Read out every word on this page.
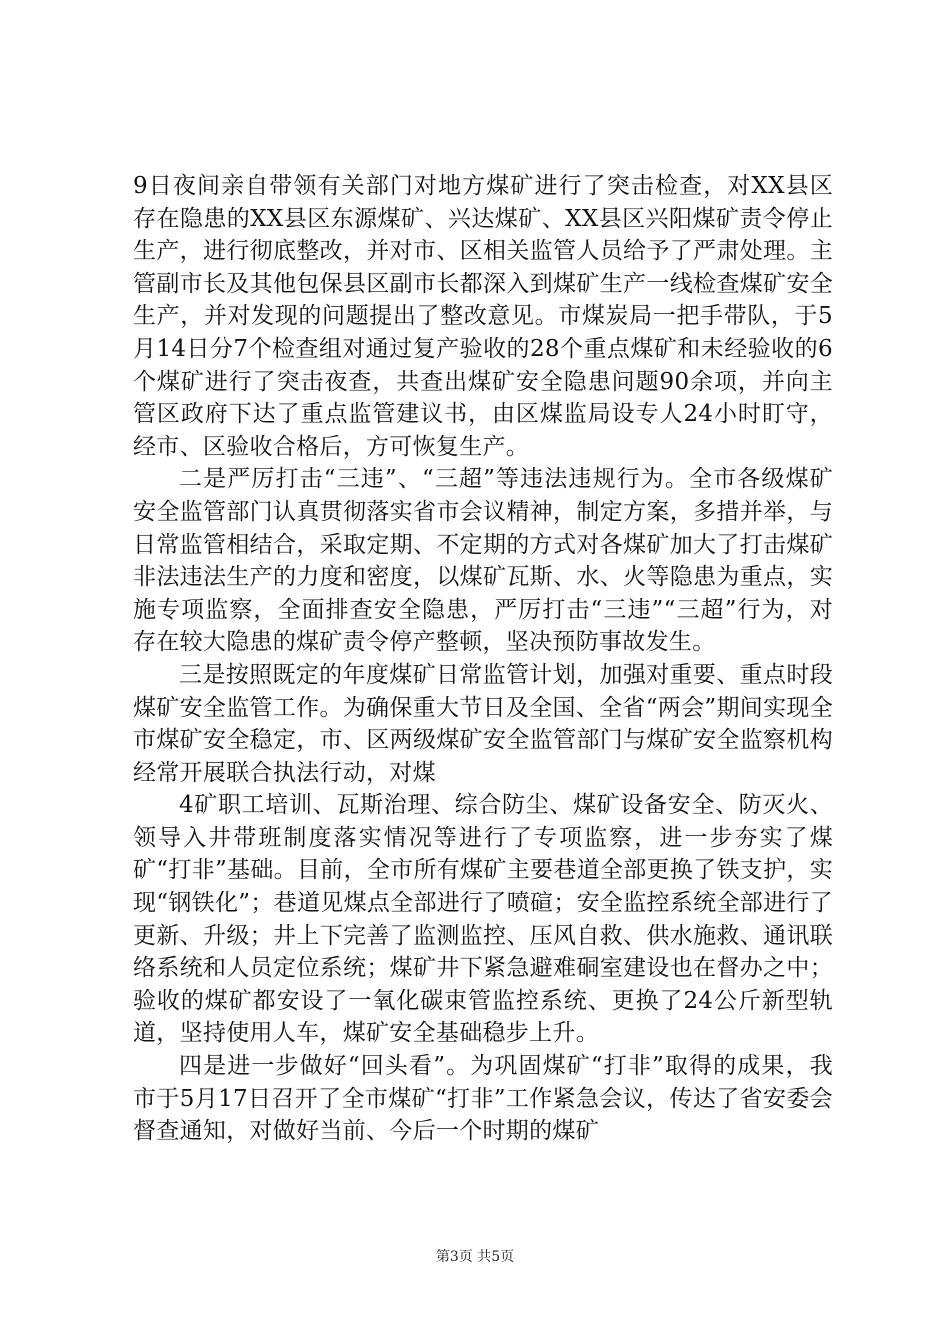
9日夜间亲自带领有关部门对地方煤矿进行了突击检查，对XX县区存在隐患的XX县区东源煤矿、兴达煤矿、XX县区兴阳煤矿责令停止生产，进行彻底整改，并对市、区相关监管人员给予了严肃处理。主管副市长及其他包保县区副市长都深入到煤矿生产一线检查煤矿安全生产，并对发现的问题提出了整改意见。市煤炭局一把手带队，于5月14日分7个检查组对通过复产验收的28个重点煤矿和未经验收的6个煤矿进行了突击夜查，共查出煤矿安全隐患问题90余项，并向主管区政府下达了重点监管建议书，由区煤监局设专人24小时盯守，经市、区验收合格后，方可恢复生产。

二是严厉打击“三违”、“三超”等违法违规行为。全市各级煤矿安全监管部门认真贯彻落实省市会议精神，制定方案，多措并举，与日常监管相结合，采取定期、不定期的方式对各煤矿加大了打击煤矿非法违法生产的力度和密度，以煤矿瓦斯、水、火等隐患为重点，实施专项监察，全面排查安全隐患，严厉打击“三违”“三超”行为，对存在较大隐患的煤矿责令停产整顿，坚决预防事故发生。

三是按照既定的年度煤矿日常监管计划，加强对重要、重点时段煤矿安全监管工作。为确保重大节日及全国、全省“两会”期间实现全市煤矿安全稳定，市、区两级煤矿安全监管部门与煤矿安全监察机构经常开展联合执法行动，对煤

4矿职工培训、瓦斯治理、综合防尘、煤矿设备安全、防灭火、领导入井带班制度落实情况等进行了专项监察，进一步夯实了煤矿“打非”基础。目前，全市所有煤矿主要巷道全部更换了铁支护，实现“钢铁化”；巷道见煤点全部进行了喷碹；安全监控系统全部进行了更新、升级；井上下完善了监测监控、压风自救、供水施救、通讯联络系统和人员定位系统；煤矿井下紧急避难硐室建设也在督办之中；验收的煤矿都安设了一氧化碳束管监控系统、更换了24公斤新型轨道，坚持使用人车，煤矿安全基础稳步上升。

四是进一步做好“回头看”。为巩固煤矿“打非”取得的成果，我市于5月17日召开了全市煤矿“打非”工作紧急会议，传达了省安委会督查通知，对做好当前、今后一个时期的煤矿

第3页 共5页
